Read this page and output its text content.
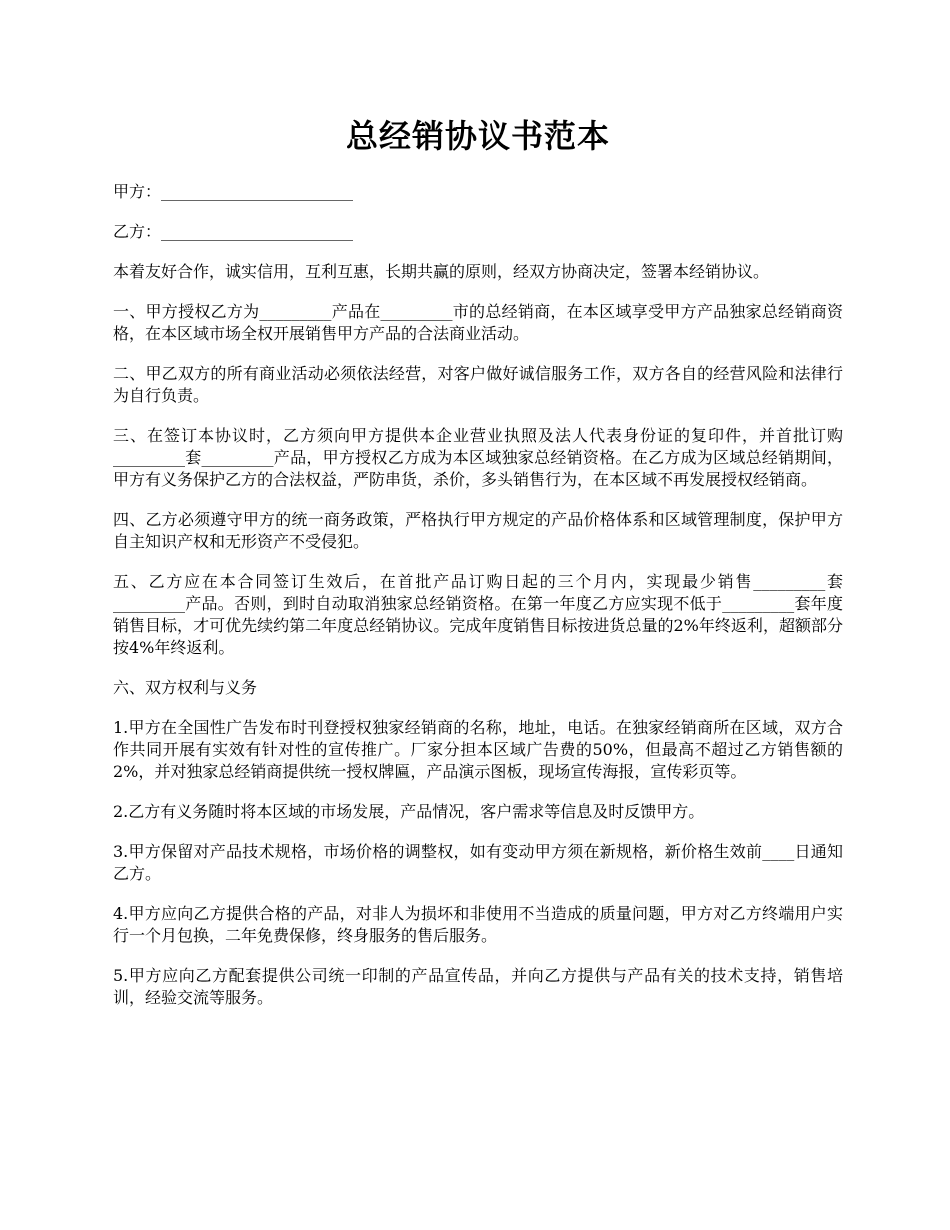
总经销协议书范本

甲方：________________________

乙方：________________________

本着友好合作，诚实信用，互利互惠，长期共赢的原则，经双方协商决定，签署本经销协议。

一、甲方授权乙方为_________产品在_________市的总经销商，在本区域享受甲方产品独家总经销商资格，在本区域市场全权开展销售甲方产品的合法商业活动。

二、甲乙双方的所有商业活动必须依法经营，对客户做好诚信服务工作，双方各自的经营风险和法律行为自行负责。

三、在签订本协议时，乙方须向甲方提供本企业营业执照及法人代表身份证的复印件，并首批订购_________套_________产品，甲方授权乙方成为本区域独家总经销资格。在乙方成为区域总经销期间，甲方有义务保护乙方的合法权益，严防串货，杀价，多头销售行为，在本区域不再发展授权经销商。

四、乙方必须遵守甲方的统一商务政策，严格执行甲方规定的产品价格体系和区域管理制度，保护甲方自主知识产权和无形资产不受侵犯。

五、乙方应在本合同签订生效后，在首批产品订购日起的三个月内，实现最少销售_________套_________产品。否则，到时自动取消独家总经销资格。在第一年度乙方应实现不低于_________套年度销售目标，才可优先续约第二年度总经销协议。完成年度销售目标按进货总量的2%年终返利，超额部分按4%年终返利。

六、双方权利与义务

1.甲方在全国性广告发布时刊登授权独家经销商的名称，地址，电话。在独家经销商所在区域，双方合作共同开展有实效有针对性的宣传推广。厂家分担本区域广告费的50%，但最高不超过乙方销售额的2%，并对独家总经销商提供统一授权牌匾，产品演示图板，现场宣传海报，宣传彩页等。

2.乙方有义务随时将本区域的市场发展，产品情况，客户需求等信息及时反馈甲方。

3.甲方保留对产品技术规格，市场价格的调整权，如有变动甲方须在新规格，新价格生效前____日通知乙方。

4.甲方应向乙方提供合格的产品，对非人为损坏和非使用不当造成的质量问题，甲方对乙方终端用户实行一个月包换，二年免费保修，终身服务的售后服务。

5.甲方应向乙方配套提供公司统一印制的产品宣传品，并向乙方提供与产品有关的技术支持，销售培训，经验交流等服务。
